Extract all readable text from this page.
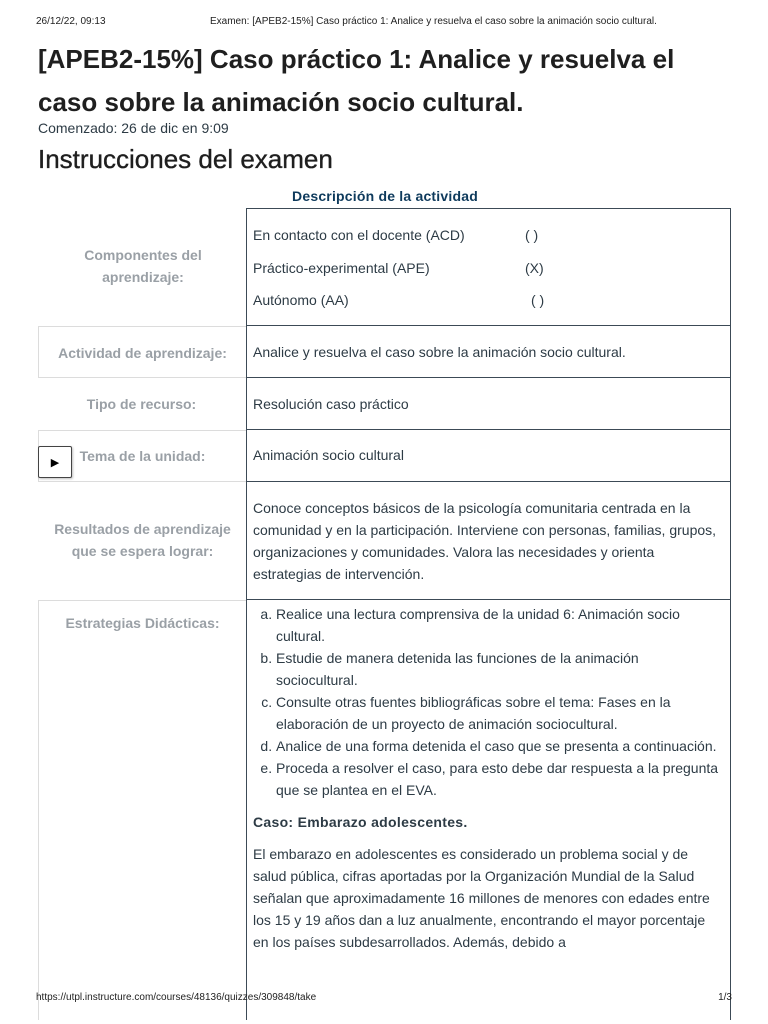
26/12/22, 09:13	Examen: [APEB2-15%] Caso práctico 1: Analice y resuelva el caso sobre la animación socio cultural.
[APEB2-15%] Caso práctico 1: Analice y resuelva el caso sobre la animación socio cultural.
Comenzado: 26 de dic en 9:09
Instrucciones del examen
Descripción de la actividad
Componentes del aprendizaje:
En contacto con el docente (ACD)	( )
Práctico-experimental (APE)	(X)
Autónomo (AA)	( )
Actividad de aprendizaje:	Analice y resuelva el caso sobre la animación socio cultural.
Tipo de recurso:	Resolución caso práctico
Tema de la unidad:	Animación socio cultural
Resultados de aprendizaje que se espera lograr:
Conoce conceptos básicos de la psicología comunitaria centrada en la comunidad y en la participación. Interviene con personas, familias, grupos, organizaciones y comunidades. Valora las necesidades y orienta estrategias de intervención.
Estrategias Didácticas:
a. Realice una lectura comprensiva de la unidad 6: Animación socio cultural.
b. Estudie de manera detenida las funciones de la animación sociocultural.
c. Consulte otras fuentes bibliográficas sobre el tema: Fases en la elaboración de un proyecto de animación sociocultural.
d. Analice de una forma detenida el caso que se presenta a continuación.
e. Proceda a resolver el caso, para esto debe dar respuesta a la pregunta que se plantea en el EVA.
Caso: Embarazo adolescentes.
El embarazo en adolescentes es considerado un problema social y de salud pública, cifras aportadas por la Organización Mundial de la Salud señalan que aproximadamente 16 millones de menores con edades entre los 15 y 19 años dan a luz anualmente, encontrando el mayor porcentaje en los países subdesarrollados. Además, debido a
▶
https://utpl.instructure.com/courses/48136/quizzes/309848/take	1/3
